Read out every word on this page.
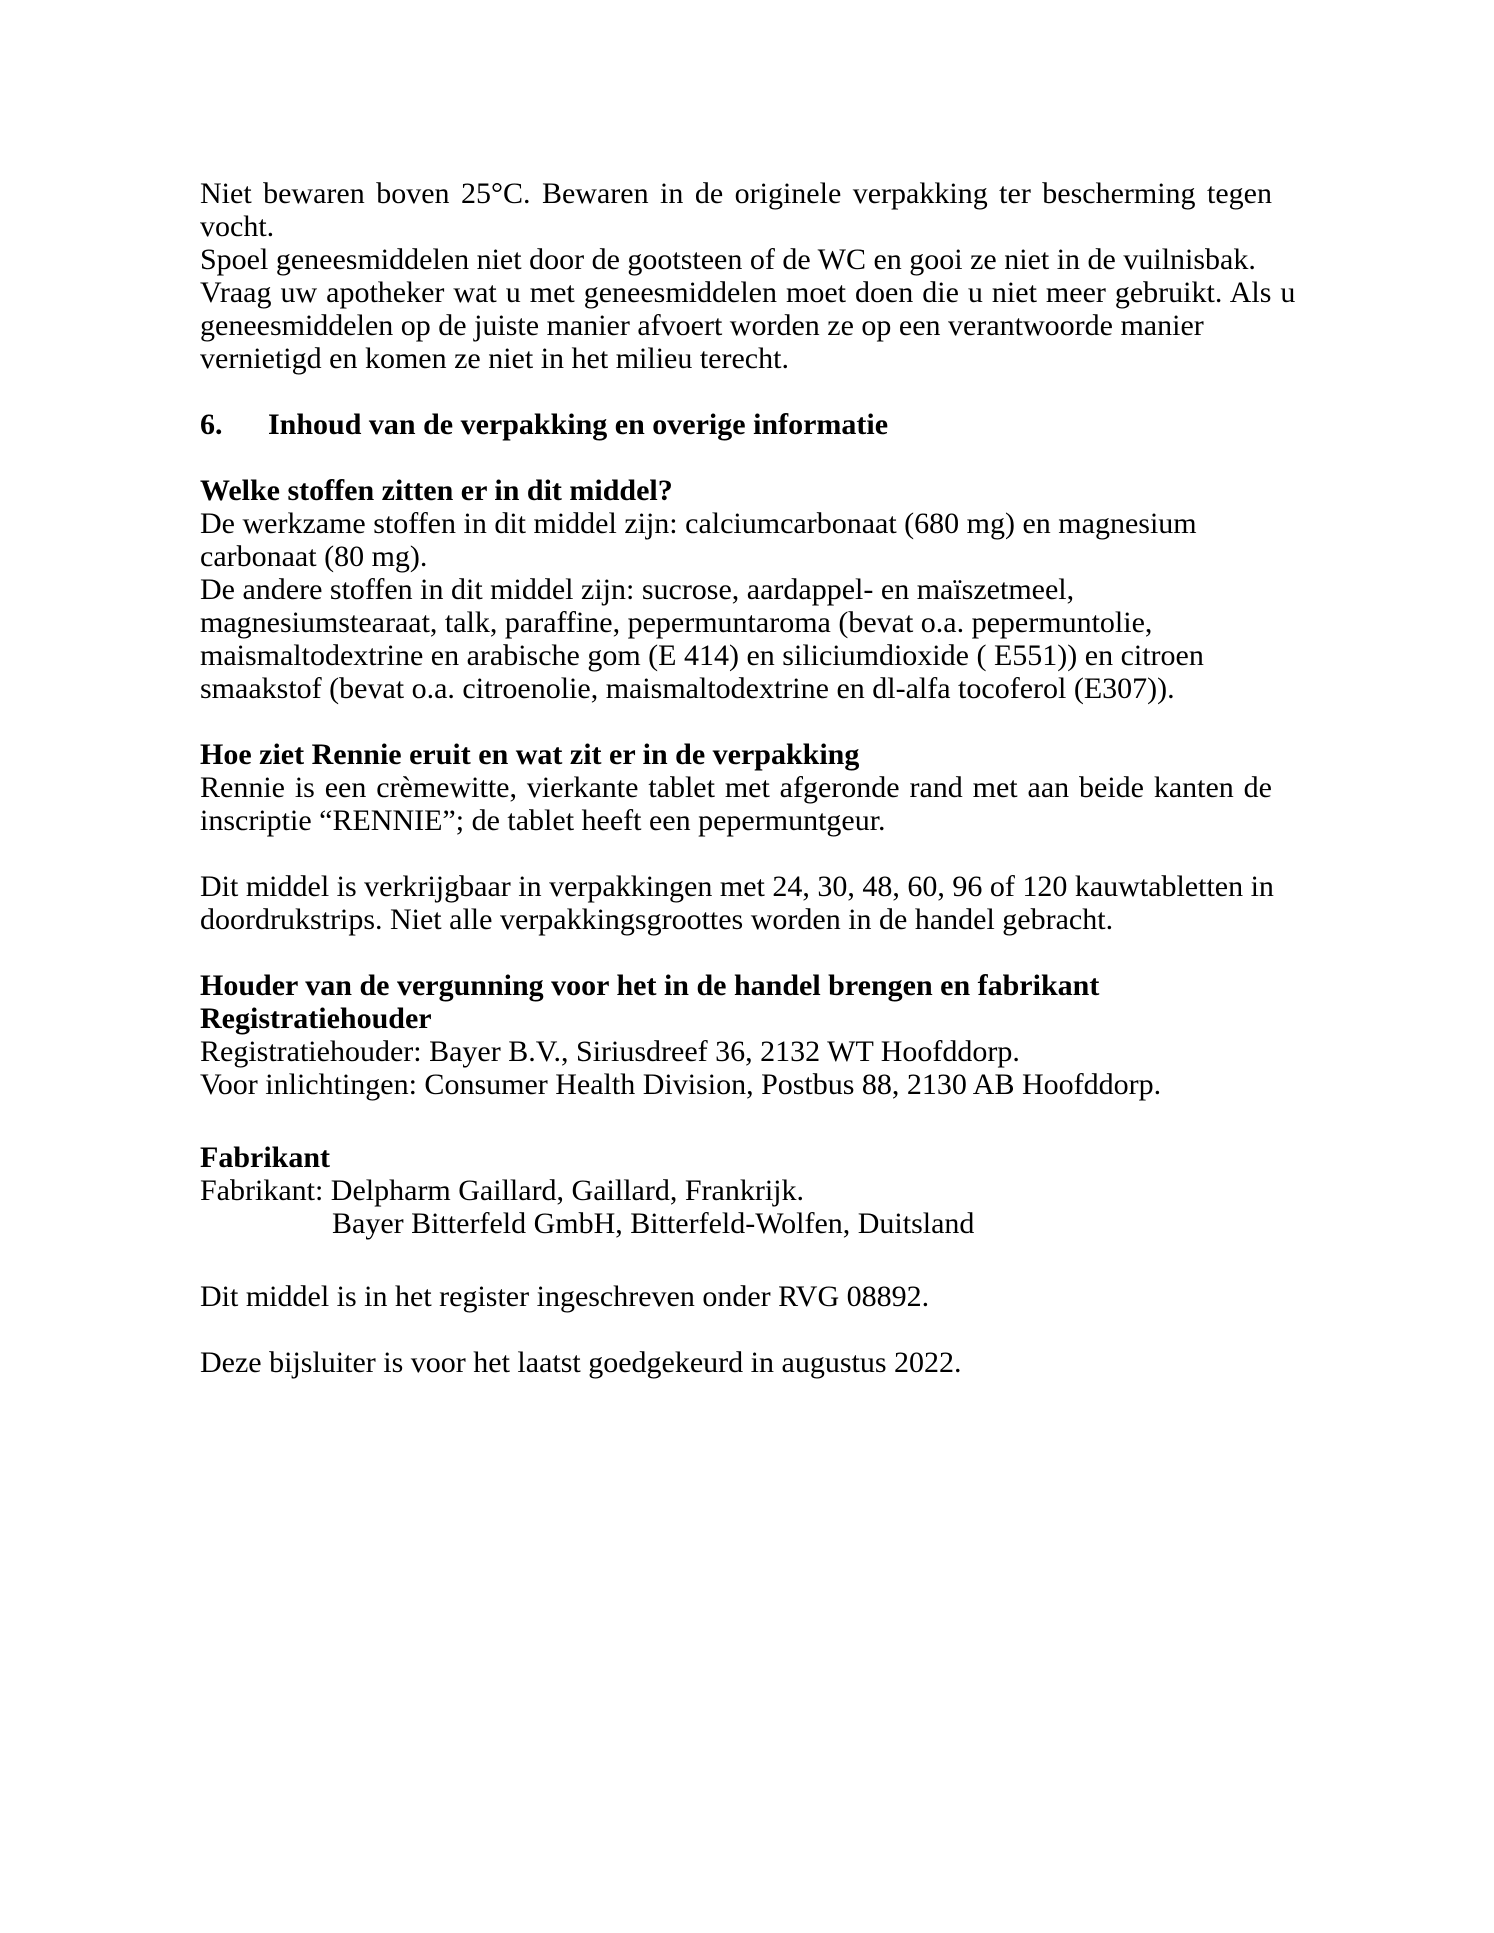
Niet bewaren boven 25°C. Bewaren in de originele verpakking ter bescherming tegen
vocht.
Spoel geneesmiddelen niet door de gootsteen of de WC en gooi ze niet in de vuilnisbak.
Vraag uw apotheker wat u met geneesmiddelen moet doen die u niet meer gebruikt. Als u
geneesmiddelen op de juiste manier afvoert worden ze op een verantwoorde manier
vernietigd en komen ze niet in het milieu terecht.
6. Inhoud van de verpakking en overige informatie
Welke stoffen zitten er in dit middel?
De werkzame stoffen in dit middel zijn: calciumcarbonaat (680 mg) en magnesium
carbonaat (80 mg).
De andere stoffen in dit middel zijn: sucrose, aardappel- en maïszetmeel,
magnesiumstearaat, talk, paraffine, pepermuntaroma (bevat o.a. pepermuntolie,
maismaltodextrine en arabische gom (E 414) en siliciumdioxide ( E551)) en citroen
smaakstof (bevat o.a. citroenolie, maismaltodextrine en dl-alfa tocoferol (E307)).
Hoe ziet Rennie eruit en wat zit er in de verpakking
Rennie is een crèmewitte, vierkante tablet met afgeronde rand met aan beide kanten de
inscriptie “RENNIE”; de tablet heeft een pepermuntgeur.
Dit middel is verkrijgbaar in verpakkingen met 24, 30, 48, 60, 96 of 120 kauwtabletten in
doordrukstrips. Niet alle verpakkingsgroottes worden in de handel gebracht.
Houder van de vergunning voor het in de handel brengen en fabrikant
Registratiehouder
Registratiehouder: Bayer B.V., Siriusdreef 36, 2132 WT Hoofddorp.
Voor inlichtingen: Consumer Health Division, Postbus 88, 2130 AB Hoofddorp.
Fabrikant
Fabrikant: Delpharm Gaillard, Gaillard, Frankrijk.
Bayer Bitterfeld GmbH, Bitterfeld-Wolfen, Duitsland
Dit middel is in het register ingeschreven onder RVG 08892.
Deze bijsluiter is voor het laatst goedgekeurd in augustus 2022.
